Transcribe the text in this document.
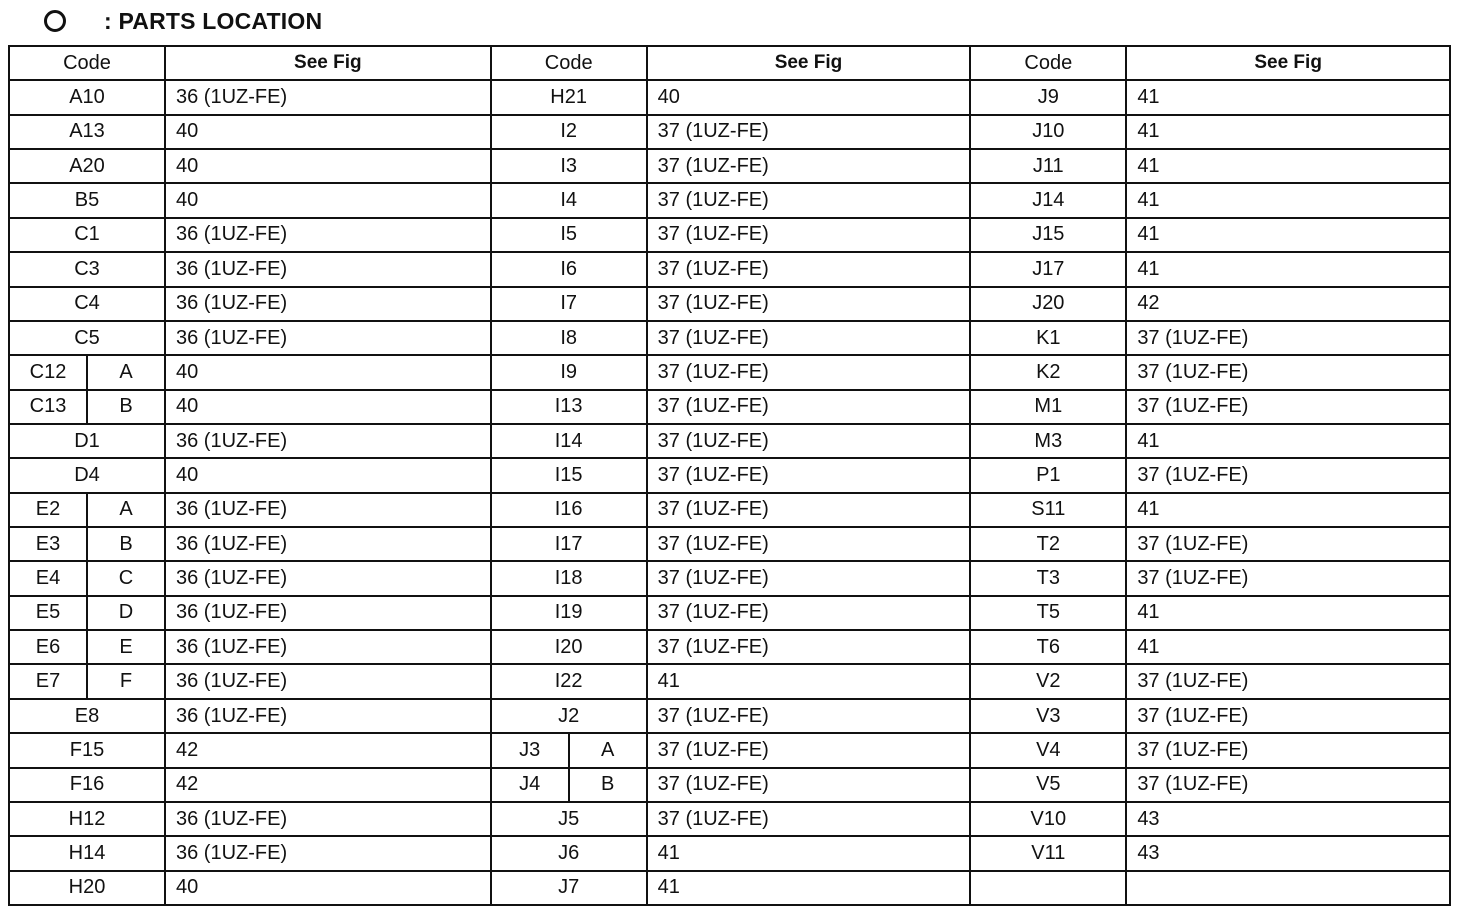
: PARTS LOCATION
Code	See Fig
A10	36 (1UZ-FE)
A13	40
A20	40
B5	40
C1	36 (1UZ-FE)
C3	36 (1UZ-FE)
C4	36 (1UZ-FE)
C5	36 (1UZ-FE)
C12	A	40
C13	B	40
D1	36 (1UZ-FE)
D4	40
E2	A	36 (1UZ-FE)
E3	B	36 (1UZ-FE)
E4	C	36 (1UZ-FE)
E5	D	36 (1UZ-FE)
E6	E	36 (1UZ-FE)
E7	F	36 (1UZ-FE)
E8	36 (1UZ-FE)
F15	42
F16	42
H12	36 (1UZ-FE)
H14	36 (1UZ-FE)
H20	40
Code	See Fig
H21	40
I2	37 (1UZ-FE)
I3	37 (1UZ-FE)
I4	37 (1UZ-FE)
I5	37 (1UZ-FE)
I6	37 (1UZ-FE)
I7	37 (1UZ-FE)
I8	37 (1UZ-FE)
I9	37 (1UZ-FE)
I13	37 (1UZ-FE)
I14	37 (1UZ-FE)
I15	37 (1UZ-FE)
I16	37 (1UZ-FE)
I17	37 (1UZ-FE)
I18	37 (1UZ-FE)
I19	37 (1UZ-FE)
I20	37 (1UZ-FE)
I22	41
J2	37 (1UZ-FE)
J3	A	37 (1UZ-FE)
J4	B	37 (1UZ-FE)
J5	37 (1UZ-FE)
J6	41
J7	41
Code	See Fig
J9	41
J10	41
J11	41
J14	41
J15	41
J17	41
J20	42
K1	37 (1UZ-FE)
K2	37 (1UZ-FE)
M1	37 (1UZ-FE)
M3	41
P1	37 (1UZ-FE)
S11	41
T2	37 (1UZ-FE)
T3	37 (1UZ-FE)
T5	41
T6	41
V2	37 (1UZ-FE)
V3	37 (1UZ-FE)
V4	37 (1UZ-FE)
V5	37 (1UZ-FE)
V10	43
V11	43
